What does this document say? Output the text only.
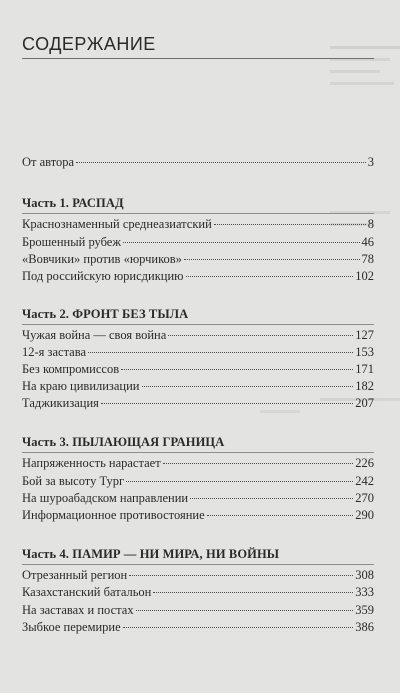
СОДЕРЖАНИЕ
От автора	3
Часть 1. РАСПАД
Краснознаменный среднеазиатский	8
Брошенный рубеж	46
«Вовчики» против «юрчиков»	78
Под российскую юрисдикцию	102
Часть 2. ФРОНТ БЕЗ ТЫЛА
Чужая война — своя война	127
12-я застава	153
Без компромиссов	171
На краю цивилизации	182
Таджикизация	207
Часть 3. ПЫЛАЮЩАЯ ГРАНИЦА
Напряженность нарастает	226
Бой за высоту Тург	242
На шуроабадском направлении	270
Информационное противостояние	290
Часть 4. ПАМИР — НИ МИРА, НИ ВОЙНЫ
Отрезанный регион	308
Казахстанский батальон	333
На заставах и постах	359
Зыбкое перемирие	386
